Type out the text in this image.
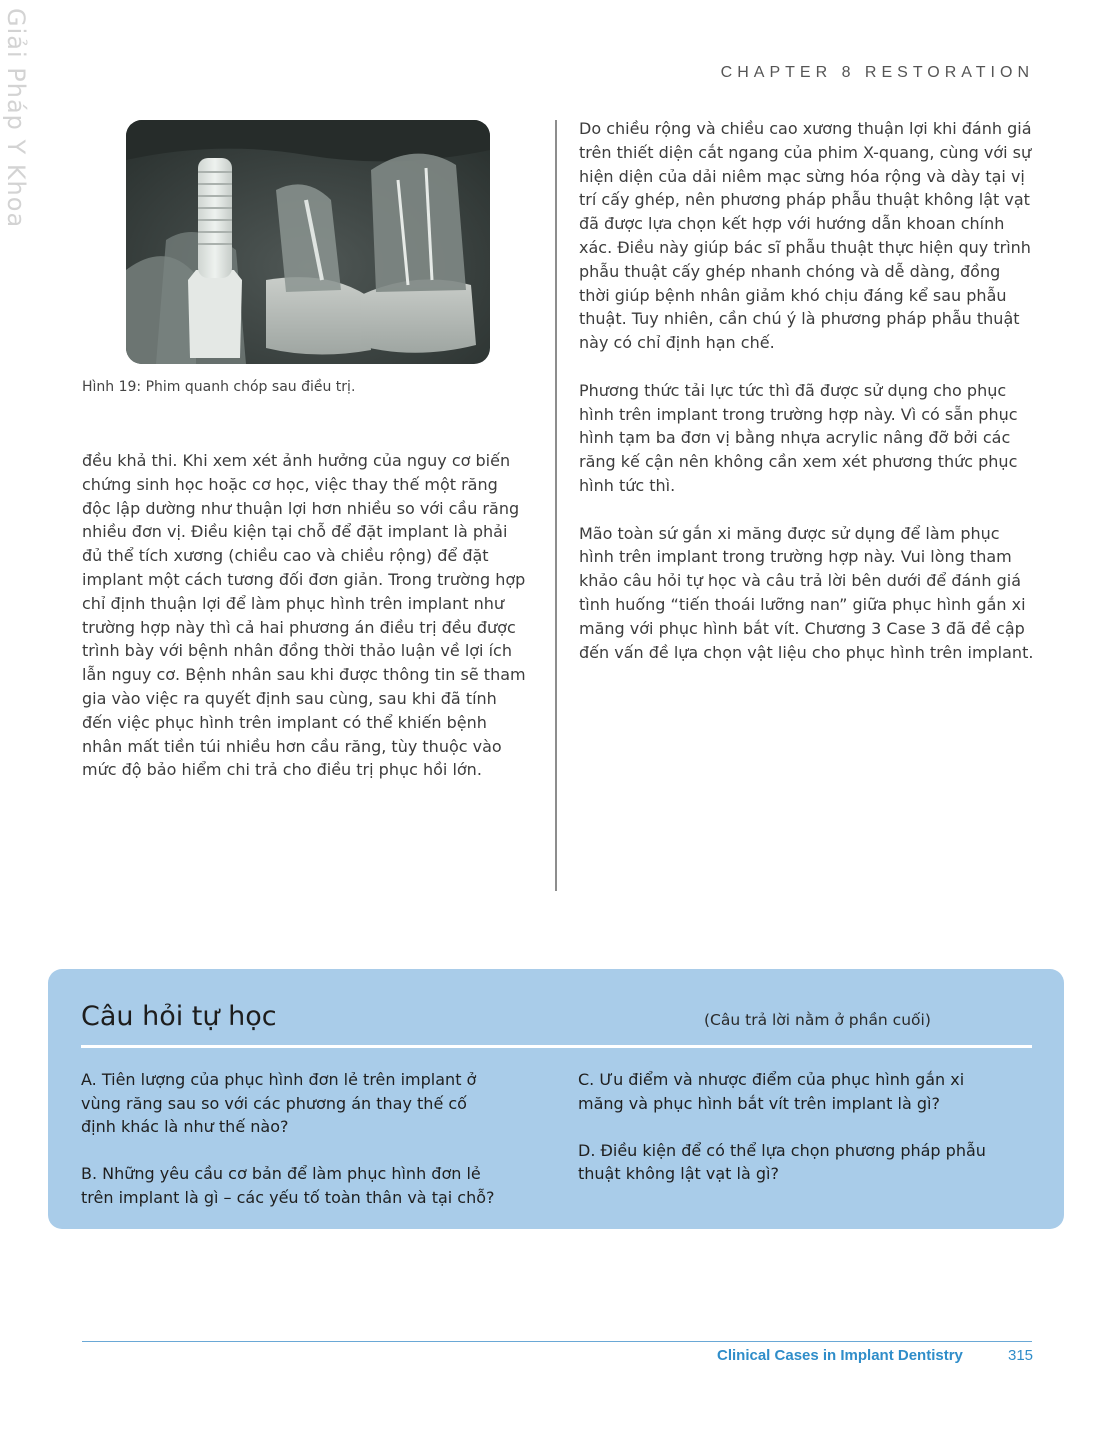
Giải Pháp Y Khoa	CHAPTER 8 RESTORATION
Hình 19: Phim quanh chóp sau điều trị.

đều khả thi. Khi xem xét ảnh hưởng của nguy cơ biến chứng sinh học hoặc cơ học, việc thay thế một răng độc lập dường như thuận lợi hơn nhiều so với cầu răng nhiều đơn vị. Điều kiện tại chỗ để đặt implant là phải đủ thể tích xương (chiều cao và chiều rộng) để đặt implant một cách tương đối đơn giản. Trong trường hợp chỉ định thuận lợi để làm phục hình trên implant như trường hợp này thì cả hai phương án điều trị đều được trình bày với bệnh nhân đồng thời thảo luận về lợi ích lẫn nguy cơ. Bệnh nhân sau khi được thông tin sẽ tham gia vào việc ra quyết định sau cùng, sau khi đã tính đến việc phục hình trên implant có thể khiến bệnh nhân mất tiền túi nhiều hơn cầu răng, tùy thuộc vào mức độ bảo hiểm chi trả cho điều trị phục hồi lớn.

Do chiều rộng và chiều cao xương thuận lợi khi đánh giá trên thiết diện cắt ngang của phim X-quang, cùng với sự hiện diện của dải niêm mạc sừng hóa rộng và dày tại vị trí cấy ghép, nên phương pháp phẫu thuật không lật vạt đã được lựa chọn kết hợp với hướng dẫn khoan chính xác. Điều này giúp bác sĩ phẫu thuật thực hiện quy trình phẫu thuật cấy ghép nhanh chóng và dễ dàng, đồng thời giúp bệnh nhân giảm khó chịu đáng kể sau phẫu thuật. Tuy nhiên, cần chú ý là phương pháp phẫu thuật này có chỉ định hạn chế.

Phương thức tải lực tức thì đã được sử dụng cho phục hình trên implant trong trường hợp này. Vì có sẵn phục hình tạm ba đơn vị bằng nhựa acrylic nâng đỡ bởi các răng kế cận nên không cần xem xét phương thức phục hình tức thì.

Mão toàn sứ gắn xi măng được sử dụng để làm phục hình trên implant trong trường hợp này. Vui lòng tham khảo câu hỏi tự học và câu trả lời bên dưới để đánh giá tình huống “tiến thoái lưỡng nan” giữa phục hình gắn xi măng với phục hình bắt vít. Chương 3 Case 3 đã đề cập đến vấn đề lựa chọn vật liệu cho phục hình trên implant.

Câu hỏi tự học	(Câu trả lời nằm ở phần cuối)

A. Tiên lượng của phục hình đơn lẻ trên implant ở vùng răng sau so với các phương án thay thế cố định khác là như thế nào?

B. Những yêu cầu cơ bản để làm phục hình đơn lẻ trên implant là gì – các yếu tố toàn thân và tại chỗ?

C. Ưu điểm và nhược điểm của phục hình gắn xi măng và phục hình bắt vít trên implant là gì?

D. Điều kiện để có thể lựa chọn phương pháp phẫu thuật không lật vạt là gì?

Clinical Cases in Implant Dentistry	315
